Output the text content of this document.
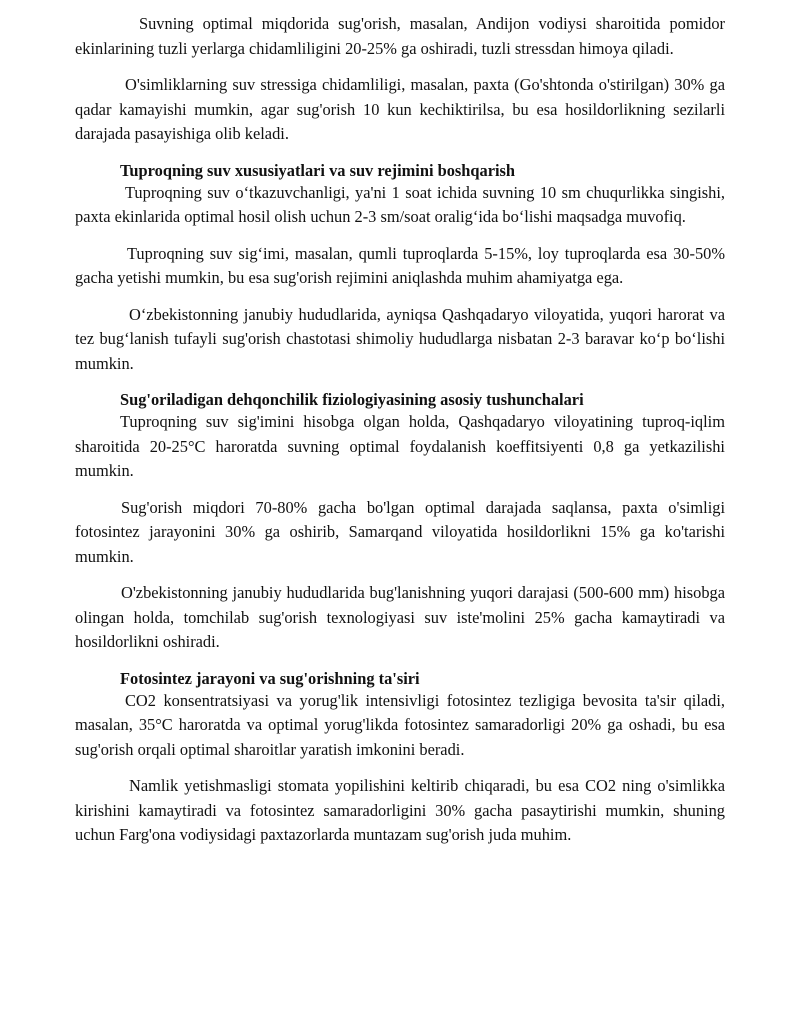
Suvning optimal miqdorida sug'orish, masalan, Andijon vodiysi sharoitida pomidor ekinlarining tuzli yerlarga chidamliligini 20-25% ga oshiradi, tuzli stressdan himoya qiladi.

O'simliklarning suv stressiga chidamliligi, masalan, paxta (Go'shtonda o'stirilgan) 30% ga qadar kamayishi mumkin, agar sug'orish 10 kun kechiktirilsa, bu esa hosildorlikning sezilarli darajada pasayishiga olib keladi.

Tuproqning suv xususiyatlari va suv rejimini boshqarish

Tuproqning suv o‘tkazuvchanligi, ya'ni 1 soat ichida suvning 10 sm chuqurlikka singishi, paxta ekinlarida optimal hosil olish uchun 2-3 sm/soat oralig‘ida bo‘lishi maqsadga muvofiq.

Tuproqning suv sig‘imi, masalan, qumli tuproqlarda 5-15%, loy tuproqlarda esa 30-50% gacha yetishi mumkin, bu esa sug'orish rejimini aniqlashda muhim ahamiyatga ega.

O‘zbekistonning janubiy hududlarida, ayniqsa Qashqadaryo viloyatida, yuqori harorat va tez bug‘lanish tufayli sug'orish chastotasi shimoliy hududlarga nisbatan 2-3 baravar ko‘p bo‘lishi mumkin.

Sug'oriladigan dehqonchilik fiziologiyasining asosiy tushunchalari

Tuproqning suv sig'imini hisobga olgan holda, Qashqadaryo viloyatining tuproq-iqlim sharoitida 20-25°C haroratda suvning optimal foydalanish koeffitsiyenti 0,8 ga yetkazilishi mumkin.

Sug'orish miqdori 70-80% gacha bo'lgan optimal darajada saqlansa, paxta o'simligi fotosintez jarayonini 30% ga oshirib, Samarqand viloyatida hosildorlikni 15% ga ko'tarishi mumkin.

O'zbekistonning janubiy hududlarida bug'lanishning yuqori darajasi (500-600 mm) hisobga olingan holda, tomchilab sug'orish texnologiyasi suv iste'molini 25% gacha kamaytiradi va hosildorlikni oshiradi.

Fotosintez jarayoni va sug'orishning ta'siri

CO2 konsentratsiyasi va yorug'lik intensivligi fotosintez tezligiga bevosita ta'sir qiladi, masalan, 35°C haroratda va optimal yorug'likda fotosintez samaradorligi 20% ga oshadi, bu esa sug'orish orqali optimal sharoitlar yaratish imkonini beradi.

Namlik yetishmasligi stomata yopilishini keltirib chiqaradi, bu esa CO2 ning o'simlikka kirishini kamaytiradi va fotosintez samaradorligini 30% gacha pasaytirishi mumkin, shuning uchun Farg'ona vodiysidagi paxtazorlarda muntazam sug'orish juda muhim.
